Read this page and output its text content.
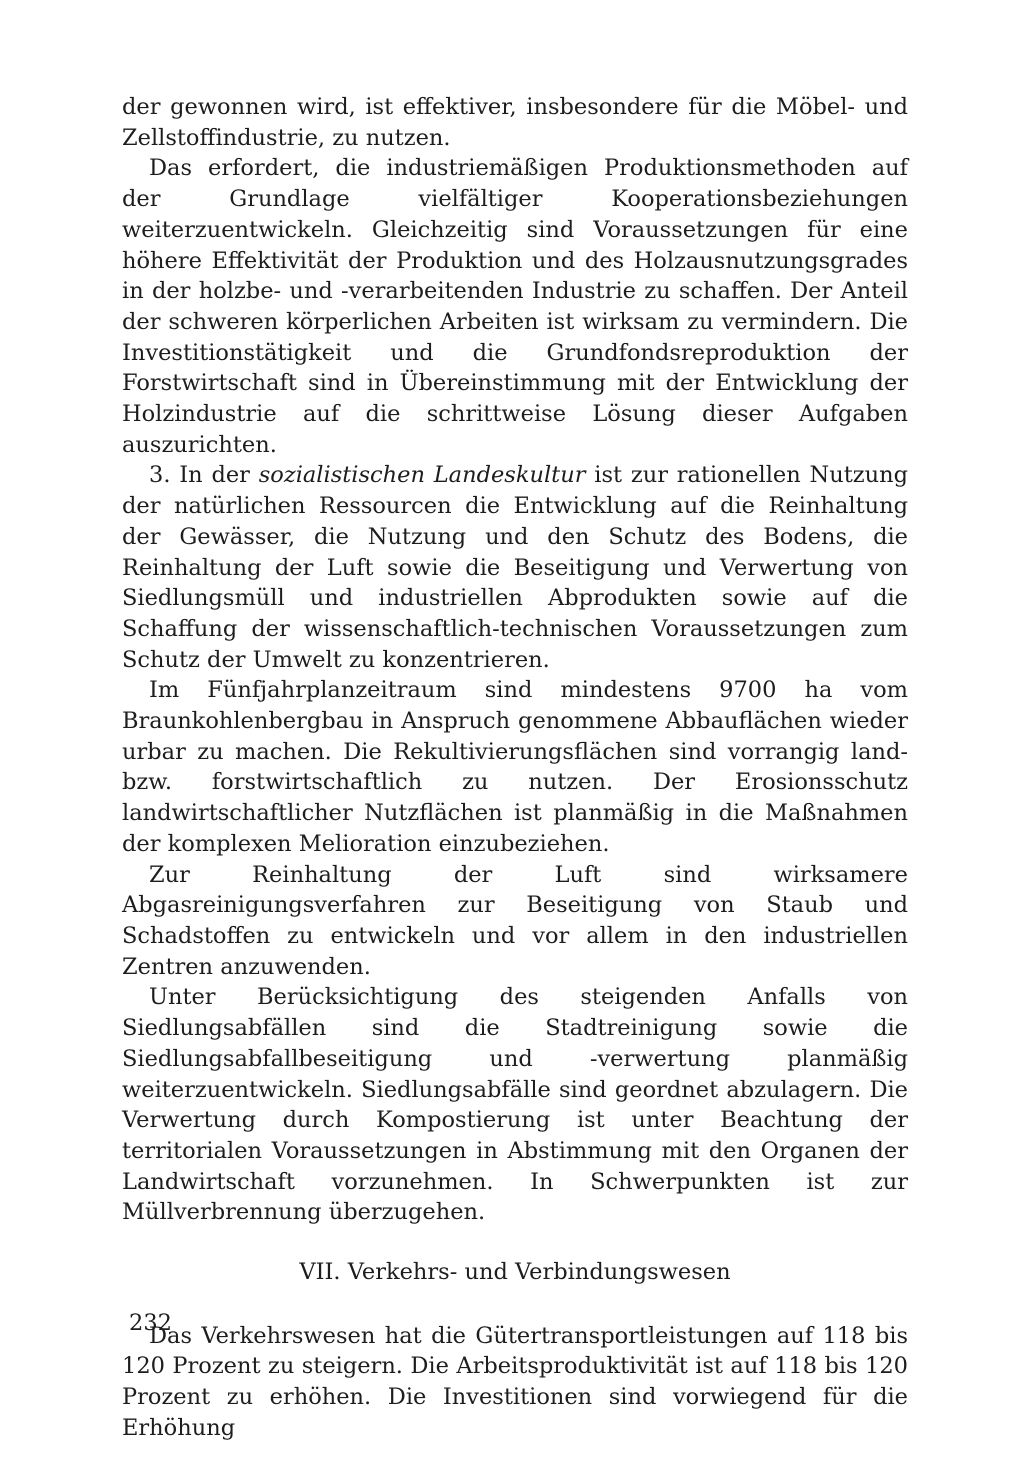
der gewonnen wird, ist effektiver, insbesondere für die Möbel- und Zellstoffindustrie, zu nutzen.

Das erfordert, die industriemäßigen Produktionsmethoden auf der Grundlage vielfältiger Kooperationsbeziehungen weiterzuentwickeln. Gleichzeitig sind Voraussetzungen für eine höhere Effektivität der Produktion und des Holzausnutzungsgrades in der holzbe- und -verarbeitenden Industrie zu schaffen. Der Anteil der schweren körperlichen Arbeiten ist wirksam zu vermindern. Die Investitionstätigkeit und die Grundfondsreproduktion der Forstwirtschaft sind in Übereinstimmung mit der Entwicklung der Holzindustrie auf die schrittweise Lösung dieser Aufgaben auszurichten.

3. In der sozialistischen Landeskultur ist zur rationellen Nutzung der natürlichen Ressourcen die Entwicklung auf die Reinhaltung der Gewässer, die Nutzung und den Schutz des Bodens, die Reinhaltung der Luft sowie die Beseitigung und Verwertung von Siedlungsmüll und industriellen Abprodukten sowie auf die Schaffung der wissenschaftlich-technischen Voraussetzungen zum Schutz der Umwelt zu konzentrieren.

Im Fünfjahrplanzeitraum sind mindestens 9700 ha vom Braunkohlenbergbau in Anspruch genommene Abbauflächen wieder urbar zu machen. Die Rekultivierungsflächen sind vorrangig land- bzw. forstwirtschaftlich zu nutzen. Der Erosionsschutz landwirtschaftlicher Nutzflächen ist planmäßig in die Maßnahmen der komplexen Melioration einzubeziehen.

Zur Reinhaltung der Luft sind wirksamere Abgasreinigungsverfahren zur Beseitigung von Staub und Schadstoffen zu entwickeln und vor allem in den industriellen Zentren anzuwenden.

Unter Berücksichtigung des steigenden Anfalls von Siedlungsabfällen sind die Stadtreinigung sowie die Siedlungsabfallbeseitigung und -verwertung planmäßig weiterzuentwickeln. Siedlungsabfälle sind geordnet abzulagern. Die Verwertung durch Kompostierung ist unter Beachtung der territorialen Voraussetzungen in Abstimmung mit den Organen der Landwirtschaft vorzunehmen. In Schwerpunkten ist zur Müllverbrennung überzugehen.

VII. Verkehrs- und Verbindungswesen

Das Verkehrswesen hat die Gütertransportleistungen auf 118 bis 120 Prozent zu steigern. Die Arbeitsproduktivität ist auf 118 bis 120 Prozent zu erhöhen. Die Investitionen sind vorwiegend für die Erhöhung

232
